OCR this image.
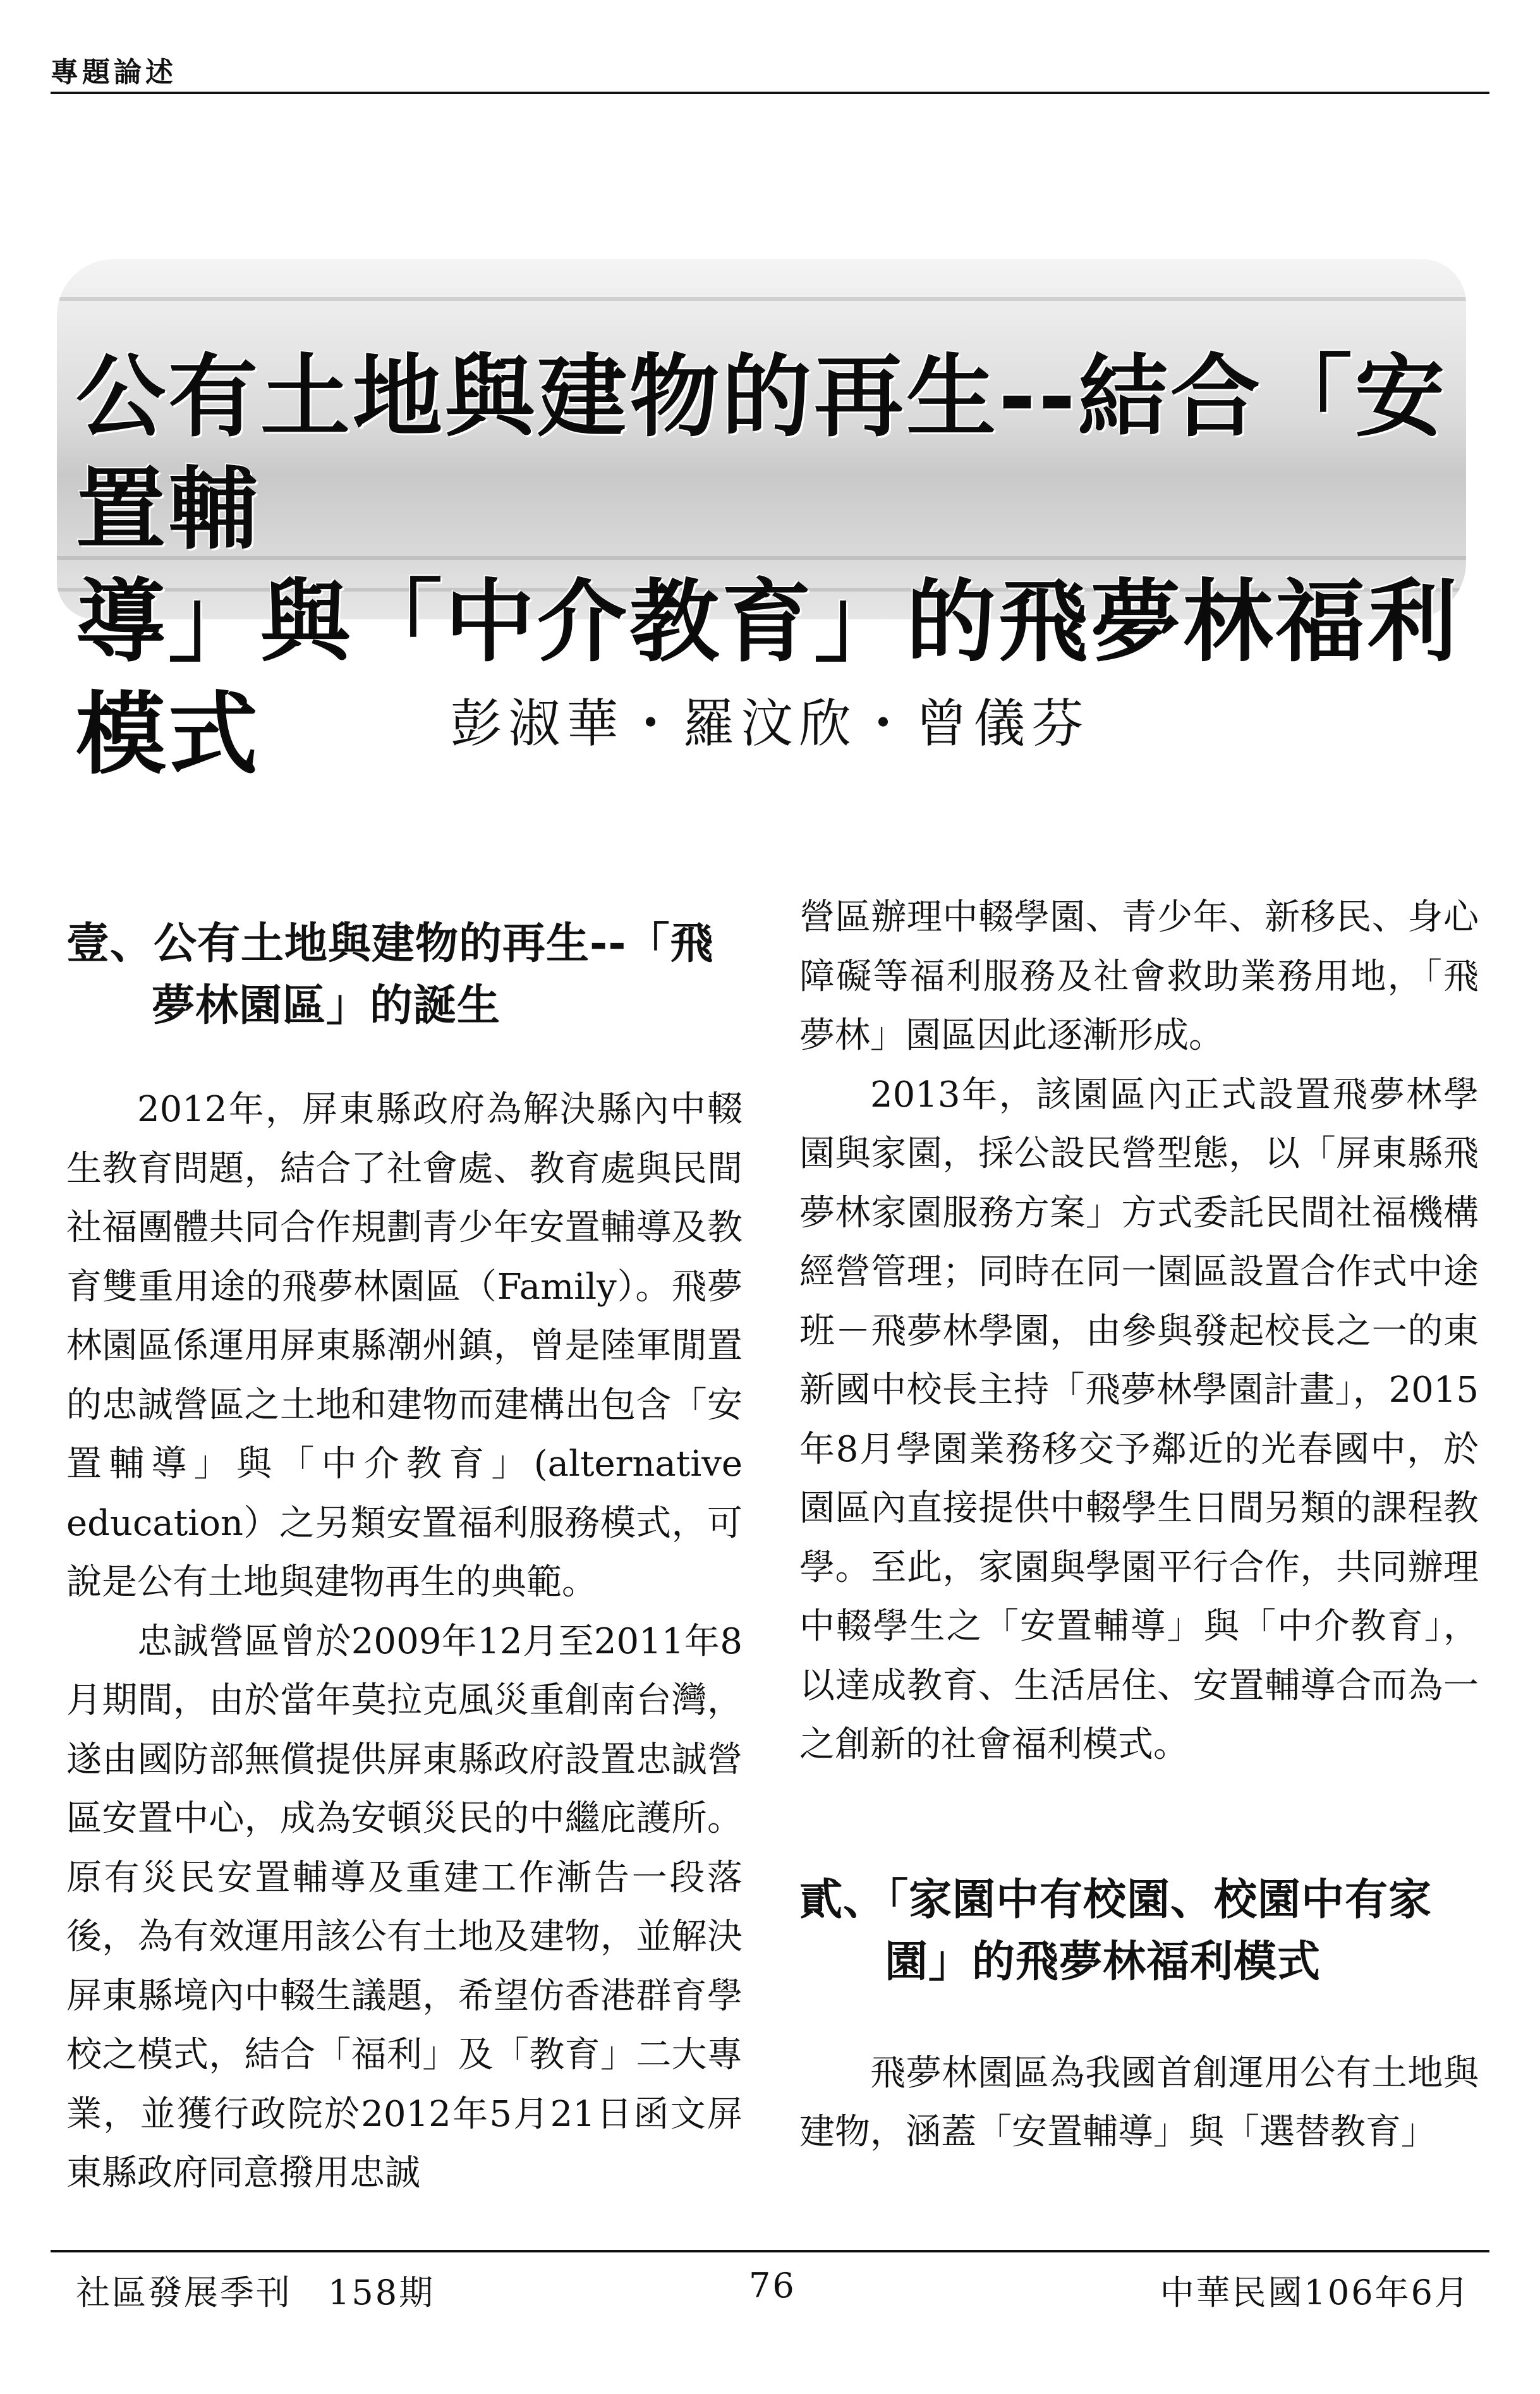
專題論述
公有土地與建物的再生--結合「安置輔
導」與「中介教育」的飛夢林福利模式	彭淑華・羅汶欣・曾儀芬
壹、公有土地與建物的再生--「飛
夢林園區」的誕生

2012年，屏東縣政府為解決縣內中輟生教育問題，結合了社會處、教育處與民間社福團體共同合作規劃青少年安置輔導及教育雙重用途的飛夢林園區（Family）。飛夢林園區係運用屏東縣潮州鎮，曾是陸軍閒置的忠誠營區之土地和建物而建構出包含「安置輔導」與「中介教育」(alternative education）之另類安置福利服務模式，可說是公有土地與建物再生的典範。

忠誠營區曾於2009年12月至2011年8月期間，由於當年莫拉克風災重創南台灣，遂由國防部無償提供屏東縣政府設置忠誠營區安置中心，成為安頓災民的中繼庇護所。原有災民安置輔導及重建工作漸告一段落後，為有效運用該公有土地及建物，並解決屏東縣境內中輟生議題，希望仿香港群育學校之模式，結合「福利」及「教育」二大專業，並獲行政院於2012年5月21日函文屏東縣政府同意撥用忠誠

營區辦理中輟學園、青少年、新移民、身心障礙等福利服務及社會救助業務用地，「飛夢林」園區因此逐漸形成。

2013年，該園區內正式設置飛夢林學園與家園，採公設民營型態，以「屏東縣飛夢林家園服務方案」方式委託民間社福機構經營管理；同時在同一園區設置合作式中途班－飛夢林學園，由參與發起校長之一的東新國中校長主持「飛夢林學園計畫」，2015年8月學園業務移交予鄰近的光春國中，於園區內直接提供中輟學生日間另類的課程教學。至此，家園與學園平行合作，共同辦理中輟學生之「安置輔導」與「中介教育」，以達成教育、生活居住、安置輔導合而為一之創新的社會福利模式。

貳、「家園中有校園、校園中有家
園」的飛夢林福利模式

飛夢林園區為我國首創運用公有土地與建物，涵蓋「安置輔導」與「選替教育」

社區發展季刊　158期	76	中華民國106年6月
